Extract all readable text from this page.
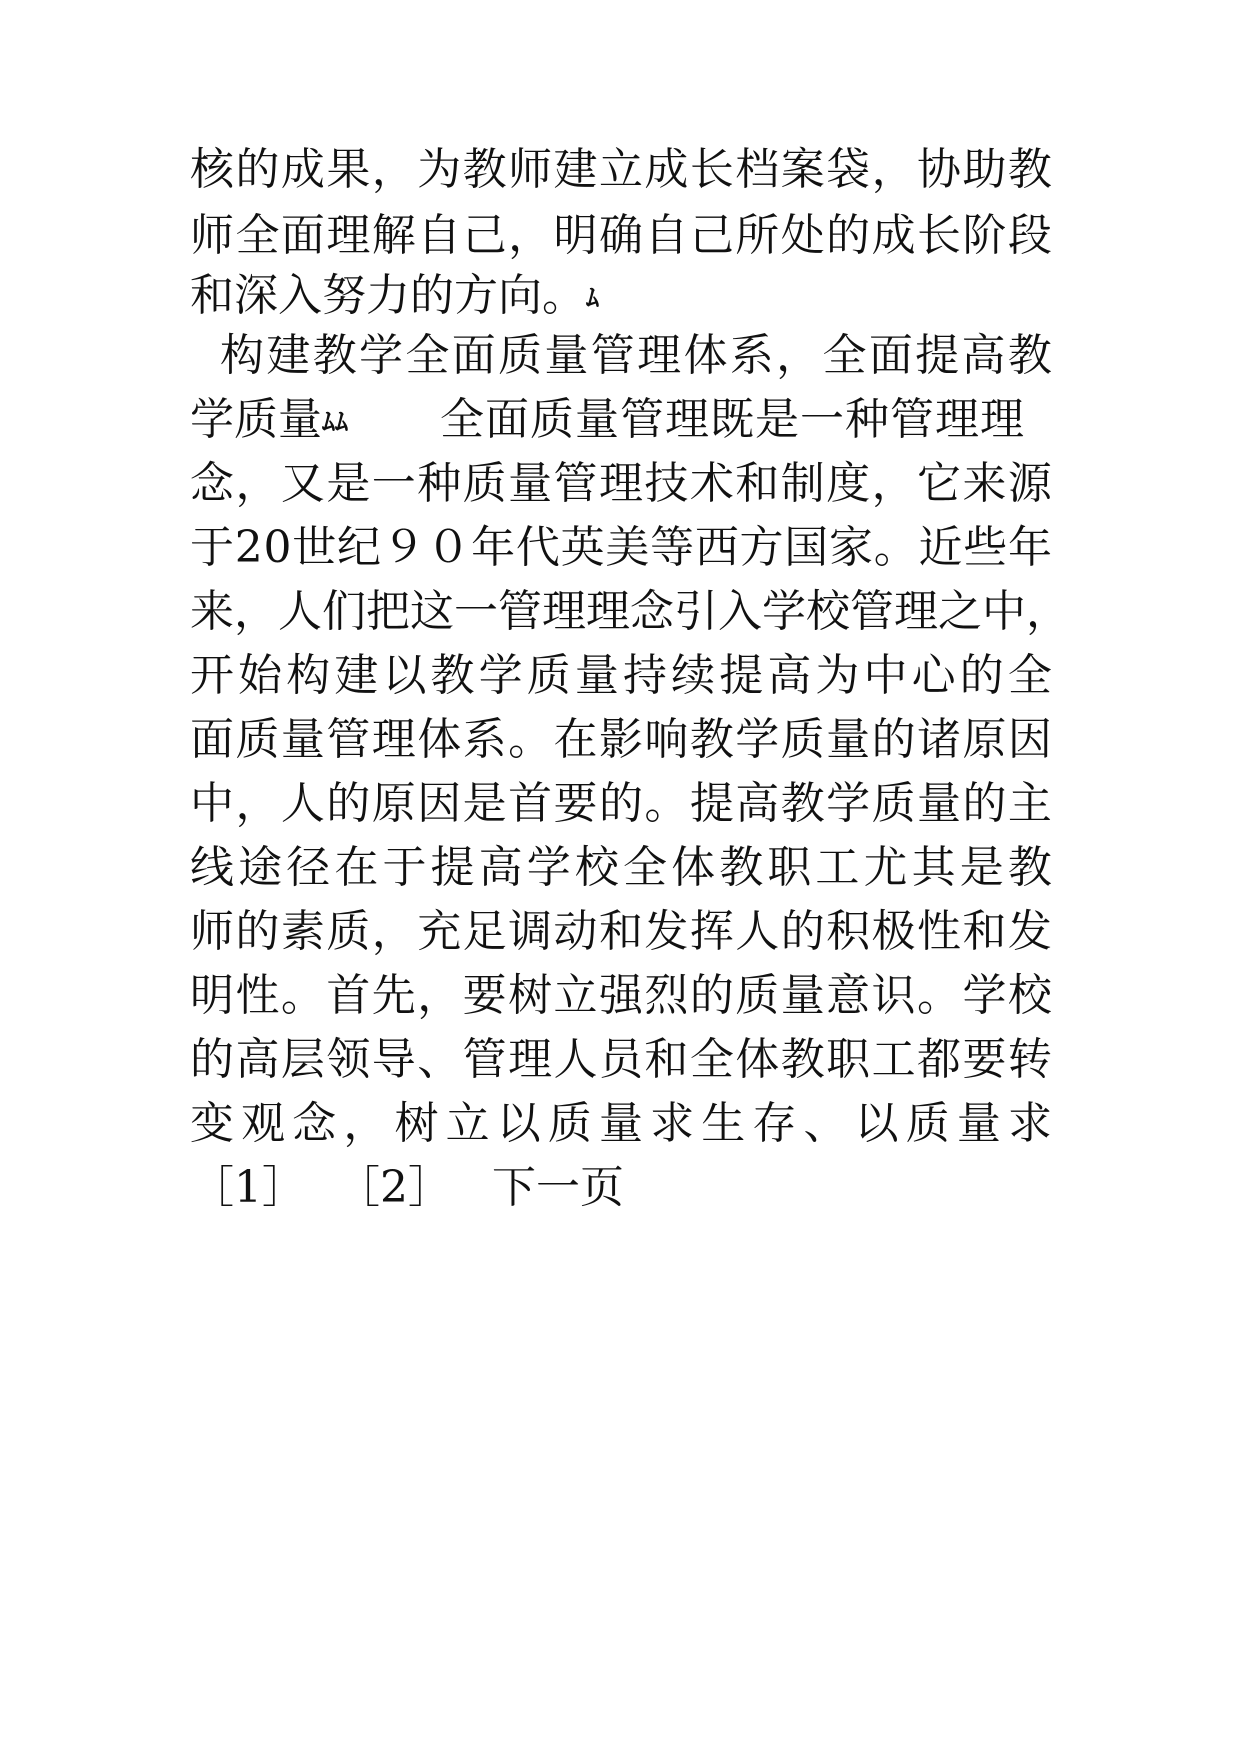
核 的 成 果 ， 为 教 师 建 立 成 长 档 案 袋 ， 协 助 教
师 全 面 理 解 自 己 ， 明 确 自 己 所 处 的 成 长 阶 段
和深入努力的方向。ﾑ
构 建 教 学 全 面 质 量 管 理 体 系 ， 全 面 提 高 教
学质量ﾑﾑ 全面质量管理既是一种管理理
念 ， 又 是 一 种 质 量 管 理 技 术 和 制 度 ， 它 来 源
于 2 0 世 纪 ９ ０ 年 代 英 美 等 西 方 国 家 。 近 些 年
来 ， 人 们 把 这 一 管 理 理 念 引 入 学 校 管 理 之 中 ，
开 始 构 建 以 教 学 质 量 持 续 提 高 为 中 心 的 全
面 质 量 管 理 体 系 。 在 影 响 教 学 质 量 的 诸 原 因
中 ， 人 的 原 因 是 首 要 的 。 提 高 教 学 质 量 的 主
线 途 径 在 于 提 高 学 校 全 体 教 职 工 尤 其 是 教
师 的 素 质 ， 充 足 调 动 和 发 挥 人 的 积 极 性 和 发
明 性 。 首 先 ， 要 树 立 强 烈 的 质 量 意 识 。 学 校
的 高 层 领 导 、 管 理 人 员 和 全 体 教 职 工 都 要 转
变 观 念 ， 树 立 以 质 量 求 生 存 、 以 质 量 求
［1］ ［2］ 下一页
